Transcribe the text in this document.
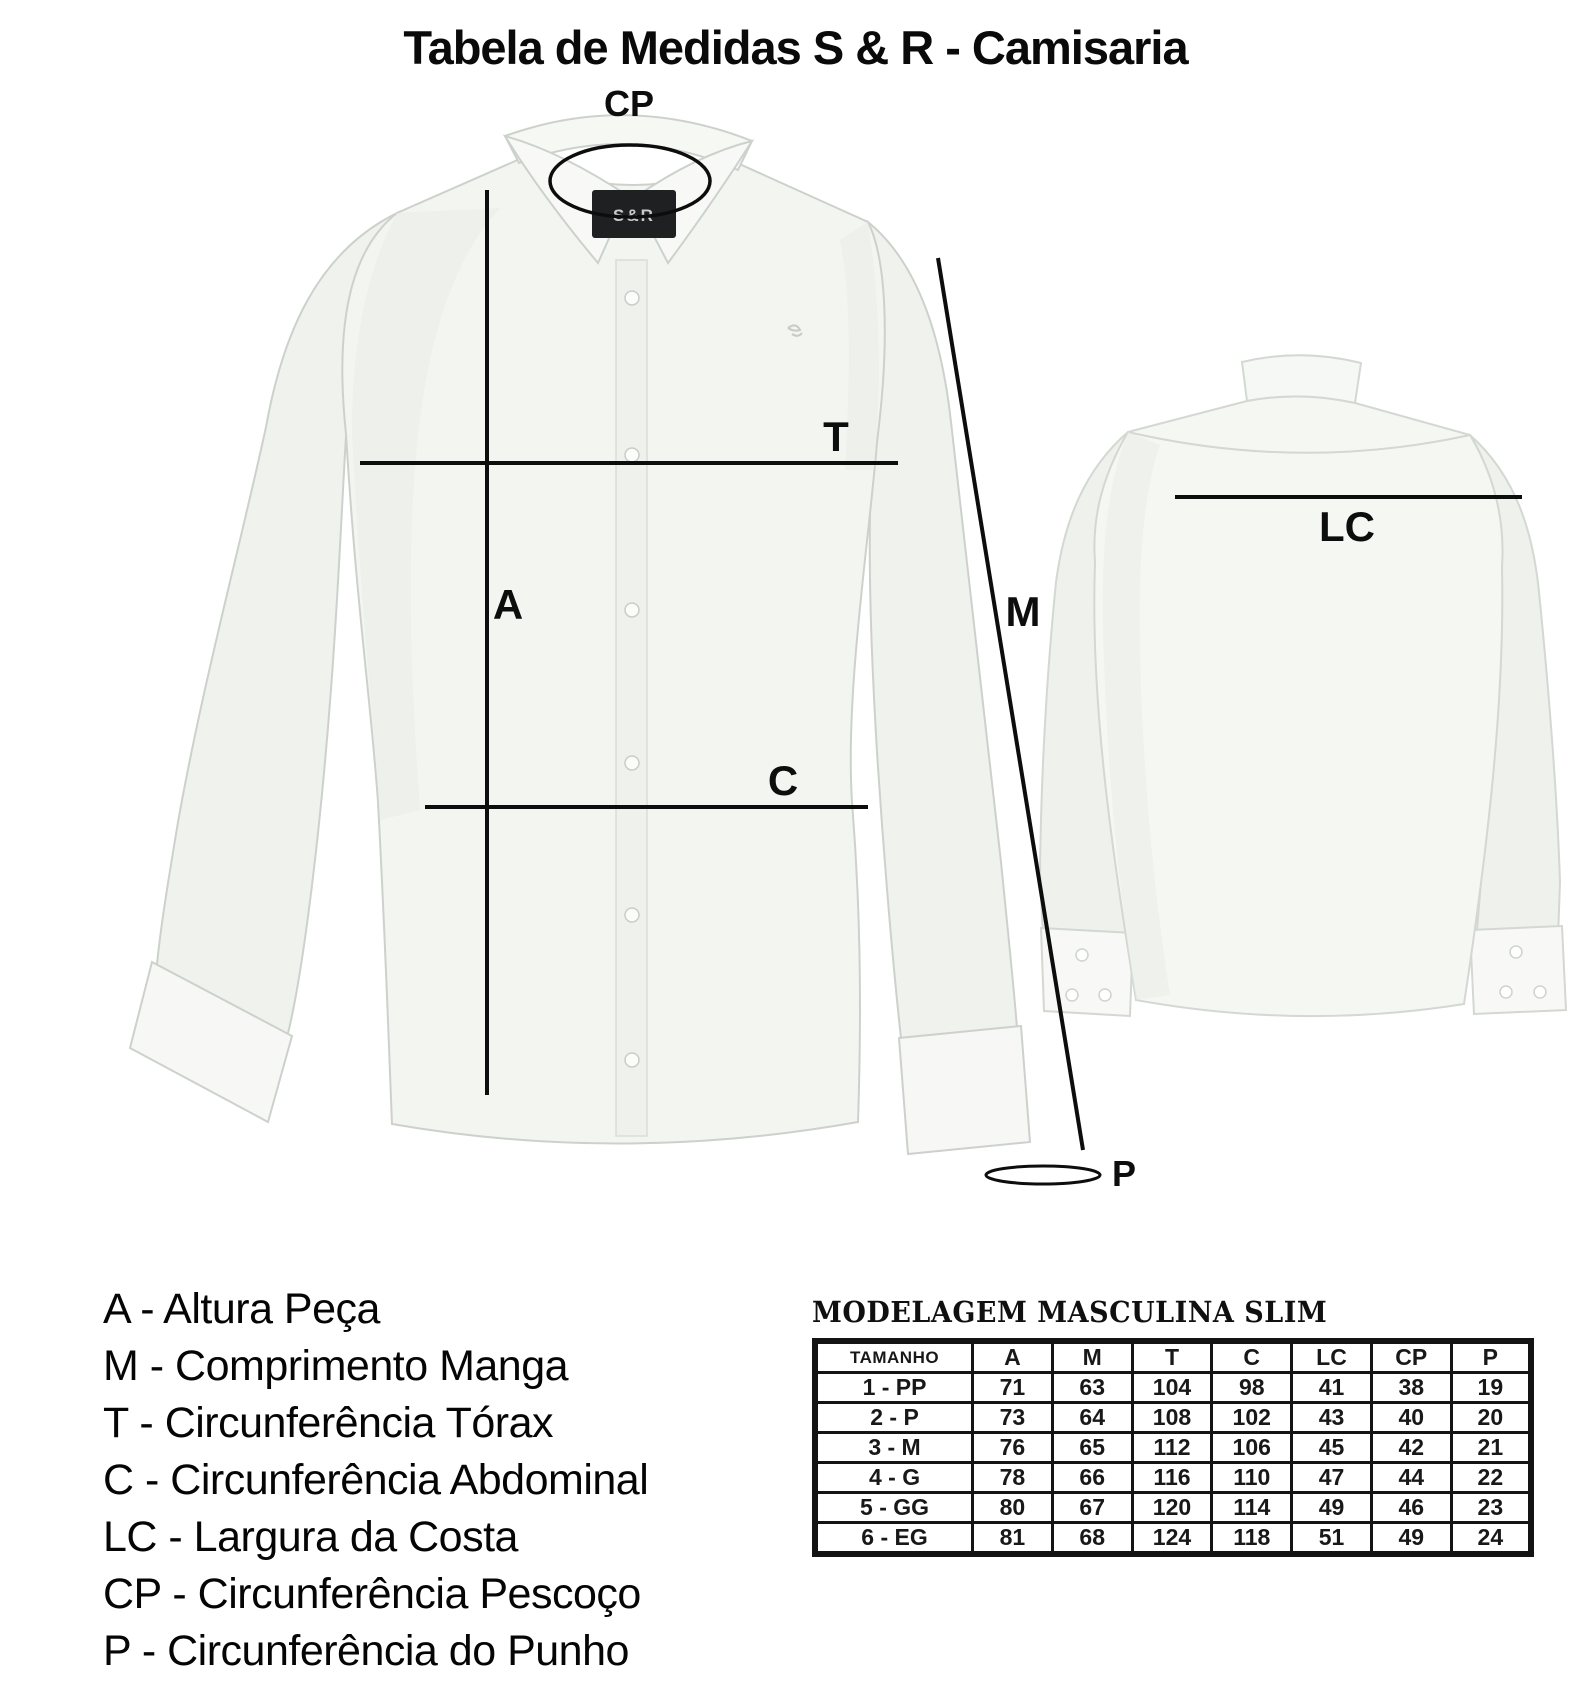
Tabela de Medidas S & R - Camisaria
S&R
CP
T
A
C
M
P
LC
A - Altura Peça
M - Comprimento Manga
T - Circunferência Tórax
C - Circunferência Abdominal
LC - Largura da Costa
CP - Circunferência Pescoço
P - Circunferência do Punho
MODELAGEM MASCULINA SLIM
TAMANHO	A	M	T	C	LC	CP	P
1 - PP	71	63	104	98	41	38	19
2 - P	73	64	108	102	43	40	20
3 - M	76	65	112	106	45	42	21
4 - G	78	66	116	110	47	44	22
5 - GG	80	67	120	114	49	46	23
6 - EG	81	68	124	118	51	49	24
